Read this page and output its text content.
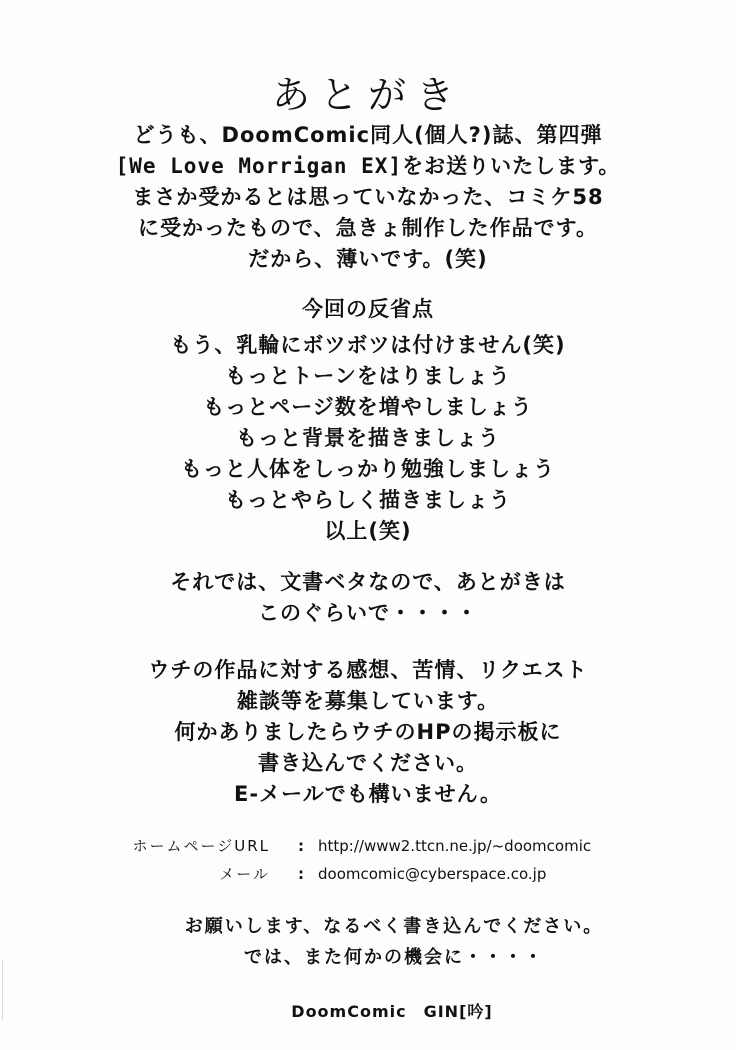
あとがき
どうも、DoomComic同人(個人?)誌、第四弾
[We Love Morrigan EX]をお送りいたします。
まさか受かるとは思っていなかった、コミケ58
に受かったもので、急きょ制作した作品です。
だから、薄いです。(笑)
今回の反省点
もう、乳輪にボツボツは付けません(笑)
もっとトーンをはりましょう
もっとページ数を増やしましょう
もっと背景を描きましょう
もっと人体をしっかり勉強しましょう
もっとやらしく描きましょう
以上(笑)
それでは、文書ベタなので、あとがきは
このぐらいで・・・・
ウチの作品に対する感想、苦情、リクエスト
雑談等を募集しています。
何かありましたらウチのHPの掲示板に
書き込んでください。
E-メールでも構いません。
ホームページURL : http://www2.ttcn.ne.jp/~doomcomic
メール : doomcomic@cyberspace.co.jp
お願いします、なるべく書き込んでください。
では、また何かの機会に・・・・
DoomComic　GIN[吟]
